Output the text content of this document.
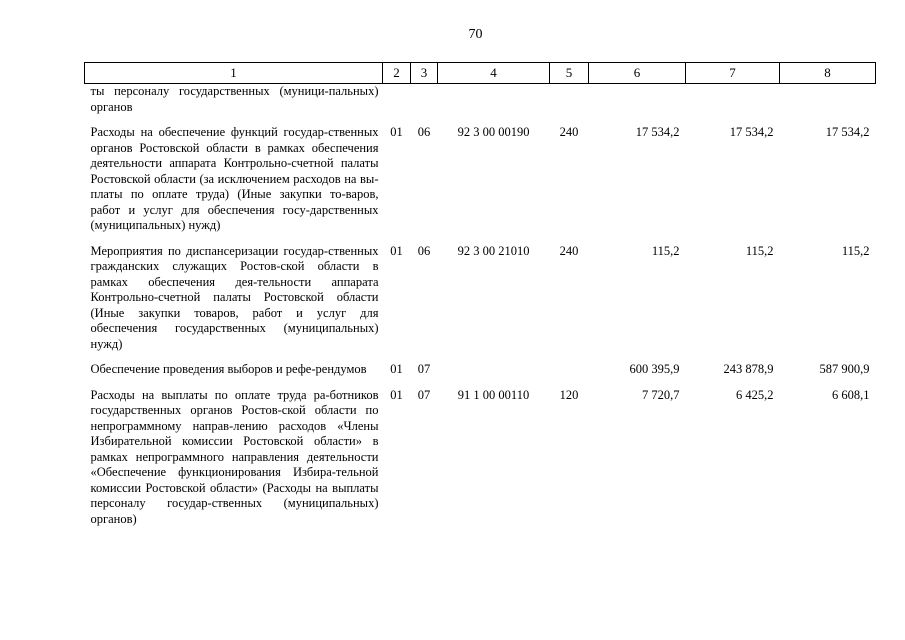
70
1	2	3	4	5	6	7	8
ты персоналу государственных (муници-пальных) органов							

Расходы на обеспечение функций государ-ственных органов Ростовской области в рамках обеспечения деятельности аппарата Контрольно-счетной палаты Ростовской области (за исключением расходов на вы-платы по оплате труда) (Иные закупки то-варов, работ и услуг для обеспечения госу-дарственных (муниципальных) нужд)	01	06	92 3 00 00190	240	17 534,2	17 534,2	17 534,2

Мероприятия по диспансеризации государ-ственных гражданских служащих Ростов-ской области в рамках обеспечения дея-тельности аппарата Контрольно-счетной палаты Ростовской области (Иные закупки товаров, работ и услуг для обеспечения государственных (муниципальных) нужд)	01	06	92 3 00 21010	240	115,2	115,2	115,2

Обеспечение проведения выборов и рефе-рендумов	01	07			600 395,9	243 878,9	587 900,9

Расходы на выплаты по оплате труда ра-ботников государственных органов Ростов-ской области по непрограммному направ-лению расходов «Члены Избирательной комиссии Ростовской области» в рамках непрограммного направления деятельности «Обеспечение функционирования Избира-тельной комиссии Ростовской области» (Расходы на выплаты персоналу государ-ственных (муниципальных) органов)	01	07	91 1 00 00110	120	7 720,7	6 425,2	6 608,1
